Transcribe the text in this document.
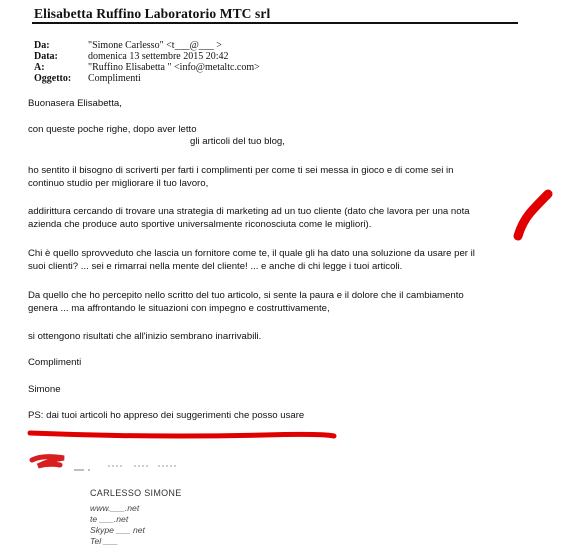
Elisabetta Ruffino Laboratorio MTC srl
Da:	"Simone Carlesso" <t___@___ >
Data:	domenica 13 settembre 2015 20:42
A:	"Ruffino Elisabetta " <info@metaltc.com>
Oggetto: Complimenti
Buonasera Elisabetta,
con queste poche righe, dopo aver letto
gli articoli del tuo blog,
ho sentito il bisogno di scriverti per farti i complimenti per come ti sei messa in gioco e di come sei in
continuo studio per migliorare il tuo lavoro,
addirittura cercando di trovare una strategia di marketing ad un tuo cliente (dato che lavora per una nota
azienda che produce auto sportive universalmente riconosciuta come le migliori).
Chi è quello sprovveduto che lascia un fornitore come te, il quale gli ha dato una soluzione da usare per il
suoi clienti? ... sei e rimarrai nella mente del cliente! ... e anche di chi legge i tuoi articoli.
Da quello che ho percepito nello scritto del tuo articolo, si sente la paura e il dolore che il cambiamento
genera ... ma affrontando le situazioni con impegno e costruttivamente,
si ottengono risultati che all'inizio sembrano inarrivabili.
Complimenti
Simone
PS: dai tuoi articoli ho appreso dei suggerimenti che posso usare
CARLESSO SIMONE
www.___.net
te ___.net
Skype ___ net
Tel ___
